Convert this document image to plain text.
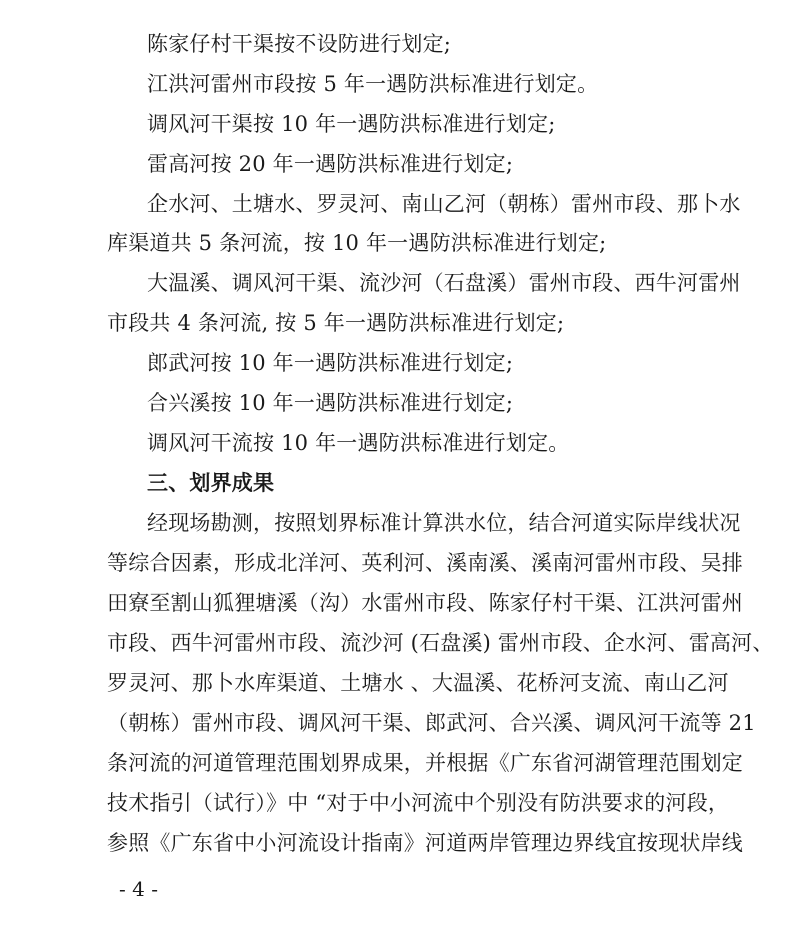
陈家仔村干渠按不设防进行划定;
江洪河雷州市段按 5 年一遇防洪标准进行划定。
调风河干渠按 10 年一遇防洪标准进行划定;
雷高河按 20 年一遇防洪标准进行划定;
企水河、土塘水、罗灵河、南山乙河（朝栋）雷州市段、那卜水
库渠道共 5 条河流，按 10 年一遇防洪标准进行划定;
大温溪、调风河干渠、流沙河（石盘溪）雷州市段、西牛河雷州
市段共 4 条河流, 按 5 年一遇防洪标准进行划定;
郎武河按 10 年一遇防洪标准进行划定;
合兴溪按 10 年一遇防洪标准进行划定;
调风河干流按 10 年一遇防洪标准进行划定。
三、划界成果
经现场勘测，按照划界标准计算洪水位，结合河道实际岸线状况
等综合因素，形成北洋河、英利河、溪南溪、溪南河雷州市段、吴排
田寮至割山狐狸塘溪（沟）水雷州市段、陈家仔村干渠、江洪河雷州
市段、西牛河雷州市段、流沙河 (石盘溪) 雷州市段、企水河、雷高河、
罗灵河、那卜水库渠道、土塘水 、大温溪、花桥河支流、南山乙河
（朝栋）雷州市段、调风河干渠、郎武河、合兴溪、调风河干流等 21
条河流的河道管理范围划界成果，并根据《广东省河湖管理范围划定
技术指引（试行）》中 “对于中小河流中个别没有防洪要求的河段，
参照《广东省中小河流设计指南》河道两岸管理边界线宜按现状岸线
- 4 -
